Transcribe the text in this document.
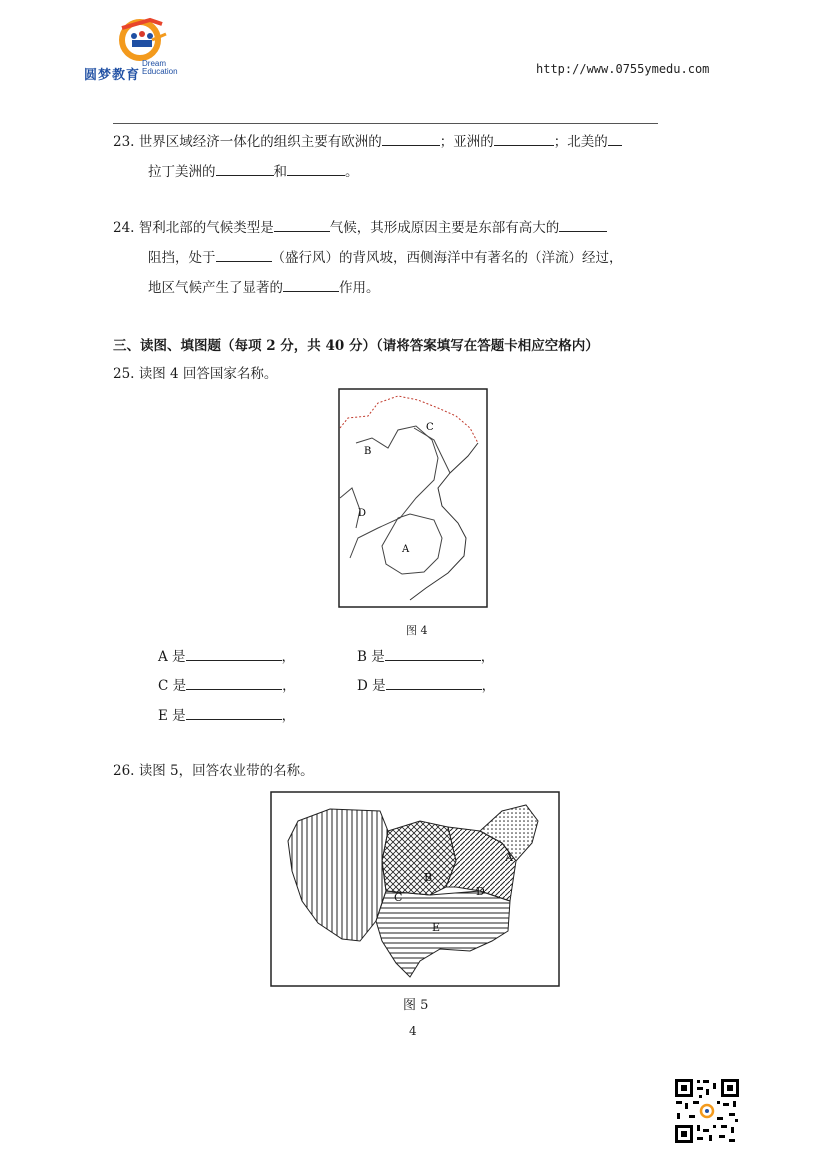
圆梦教育
Dream
Education	http://www.0755ymedu.com
23. 世界区域经济一体化的组织主要有欧洲的	；亚洲的	；北美的
拉丁美洲的	和	。
24. 智利北部的气候类型是	气候，其形成原因主要是东部有高大的
阻挡，处于	（盛行风）的背风坡，西侧海洋中有著名的（洋流）经过，
地区气候产生了显著的	作用。
三、读图、填图题（每项 2 分，共 40 分）（请将答案填写在答题卡相应空格内）
25. 读图 4 回答国家名称。
C
B
D
A
图 4
A 是	，	B 是	，
C 是	，	D 是	，
E 是	，
26. 读图 5，回答农业带的名称。
A
B
C	D
E
图 5
4
